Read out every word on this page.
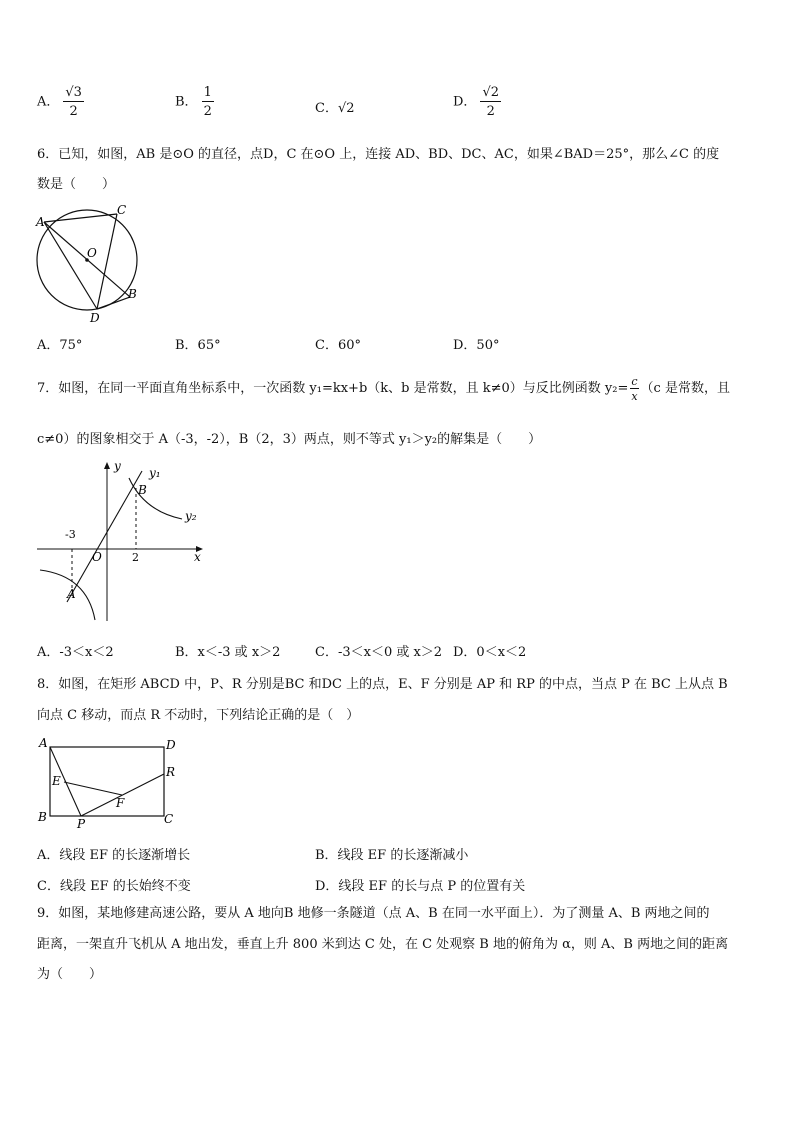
A． $\frac{√3}{2}$	B． $\frac{1}{2}$	C．√2	D． $\frac{√2}{2}$
6．已知，如图，AB 是⊙O 的直径，点D，C 在⊙O 上，连接 AD、BD、DC、AC，如果∠BAD＝25°，那么∠C 的度
数是（　　）
A
C
O
B
D
A．75°	B．65°	C．60°	D．50°
7．如图，在同一平面直角坐标系中，一次函数 y₁=kx+b（k、b 是常数，且 k≠0）与反比例函数 $y_2= \frac{c}{x} (c$ 是常数，且
c≠0）的图象相交于 A（-3，-2），B（2，3）两点，则不等式 y₁＞y₂的解集是（　　）
y y₁
B
y₂
-3
O	2	x
A
A．-3＜x＜2	B．x＜-3 或 x＞2	C．-3＜x＜0 或 x＞2 D．0＜x＜2
8．如图，在矩形 ABCD 中，P、R 分别是BC 和DC 上的点，E、F 分别是 AP 和 RP 的中点，当点 P 在 BC 上从点 B
向点 C 移动，而点 R 不动时，下列结论正确的是（　）
A	D
E
R
F
B	P	C
A．线段 EF 的长逐渐增长	B．线段 EF 的长逐渐减小
C．线段 EF 的长始终不变	D．线段 EF 的长与点 P 的位置有关
9．如图，某地修建高速公路，要从 A 地向B 地修一条隧道（点 A、B 在同一水平面上）．为了测量 A、B 两地之间的
距离，一架直升飞机从 A 地出发，垂直上升 800 米到达 C 处，在 C 处观察 B 地的俯角为 α，则 A、B 两地之间的距离
为（　　）
